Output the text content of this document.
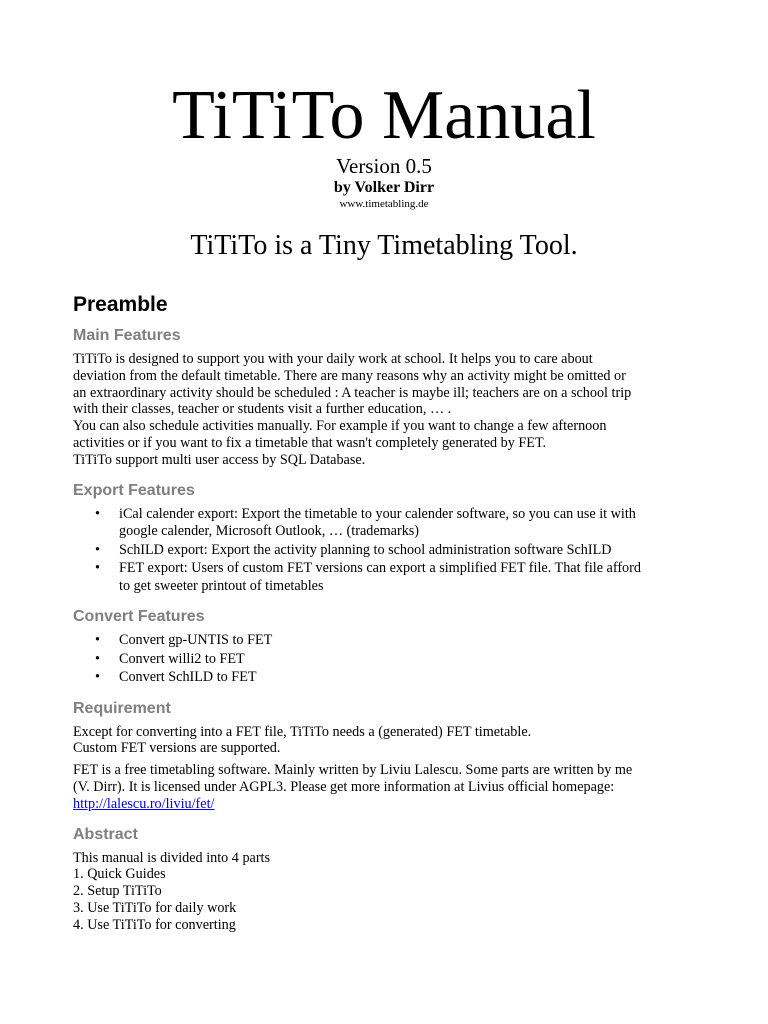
TiTiTo Manual
Version 0.5
by Volker Dirr
www.timetabling.de
TiTiTo is a Tiny Timetabling Tool.
Preamble
Main Features

TiTiTo is designed to support you with your daily work at school. It helps you to care about
deviation from the default timetable. There are many reasons why an activity might be omitted or
an extraordinary activity should be scheduled : A teacher is maybe ill; teachers are on a school trip
with their classes, teacher or students visit a further education, … .
You can also schedule activities manually. For example if you want to change a few afternoon
activities or if you want to fix a timetable that wasn't completely generated by FET.
TiTiTo support multi user access by SQL Database.

Export Features
• iCal calender export: Export the timetable to your calender software, so you can use it with
google calender, Microsoft Outlook, … (trademarks)
• SchILD export: Export the activity planning to school administration software SchILD
• FET export: Users of custom FET versions can export a simplified FET file. That file afford
to get sweeter printout of timetables
Convert Features
• Convert gp-UNTIS to FET
• Convert willi2 to FET
• Convert SchILD to FET
Requirement

Except for converting into a FET file, TiTiTo needs a (generated) FET timetable.
Custom FET versions are supported.

FET is a free timetabling software. Mainly written by Liviu Lalescu. Some parts are written by me
(V. Dirr). It is licensed under AGPL3. Please get more information at Livius official homepage:
http://lalescu.ro/liviu/fet/

Abstract

This manual is divided into 4 parts
1. Quick Guides
2. Setup TiTiTo
3. Use TiTiTo for daily work
4. Use TiTiTo for converting
